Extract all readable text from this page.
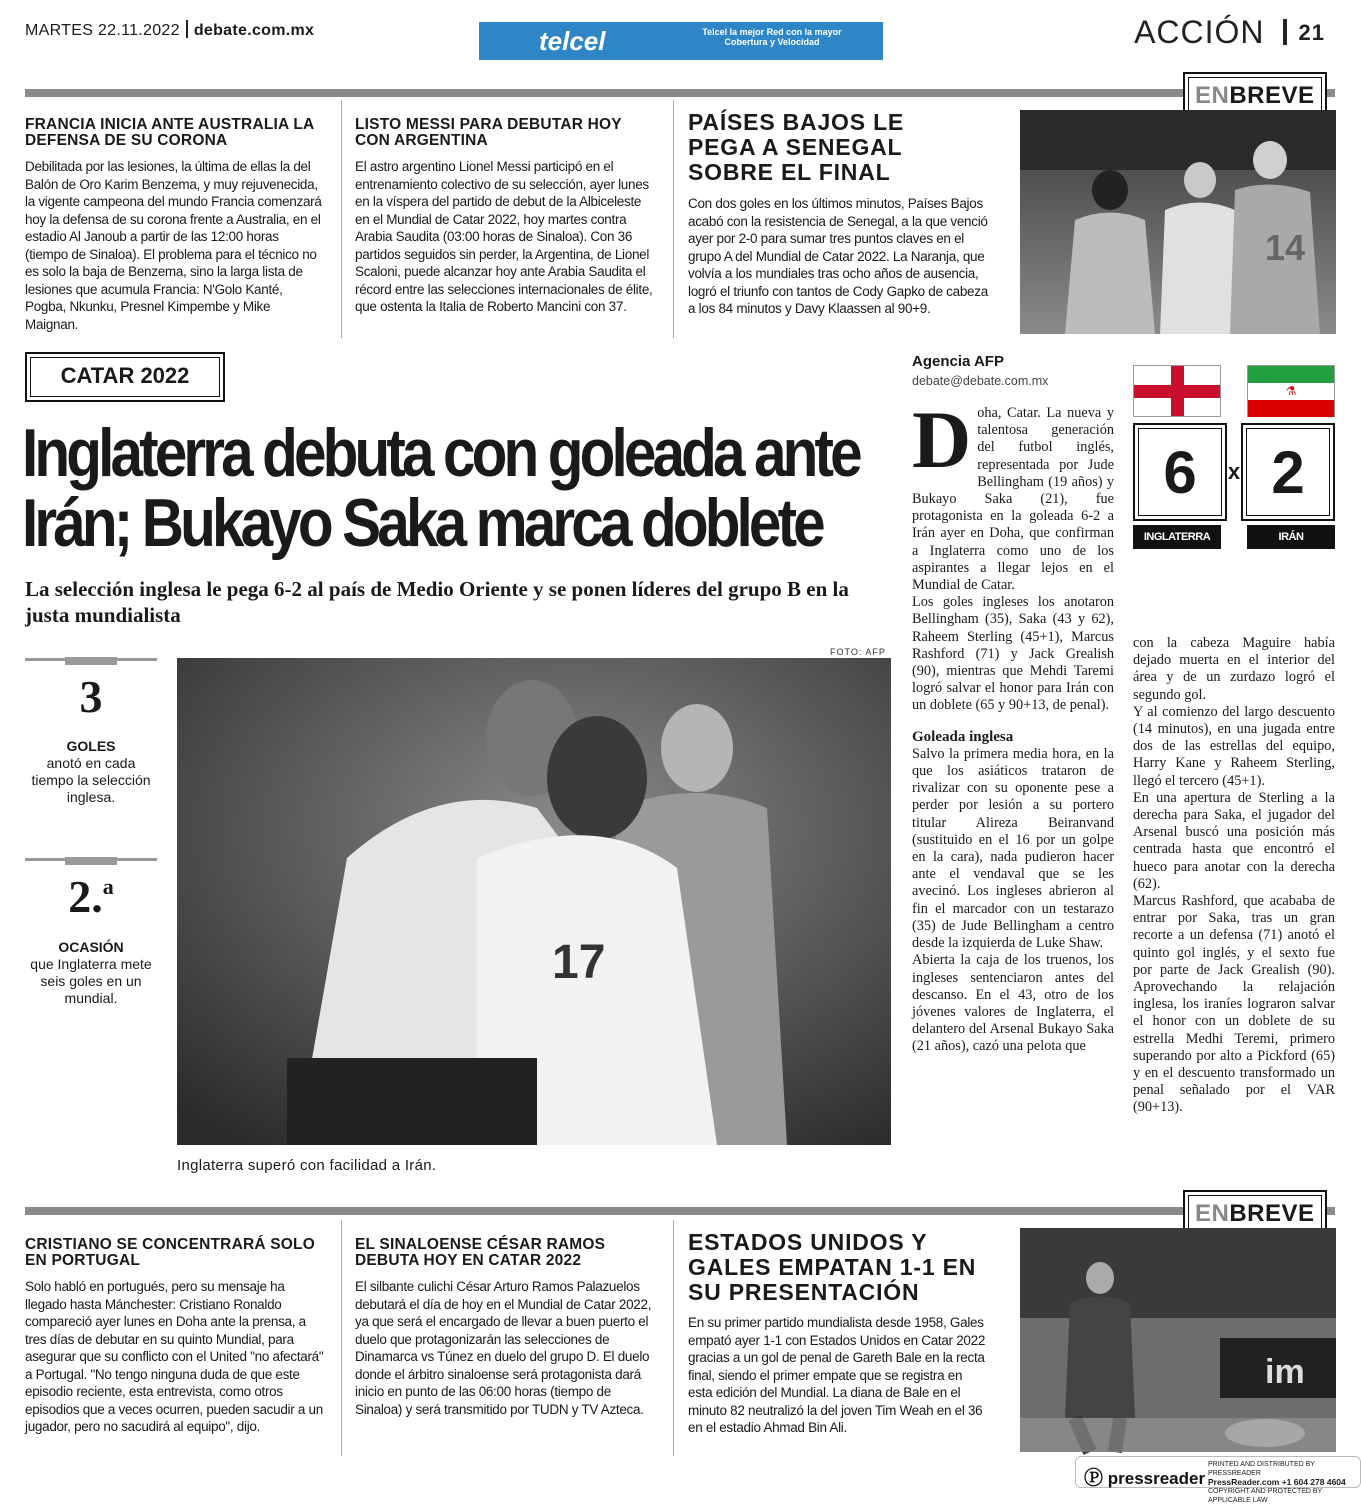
MARTES 22.11.2022 debate.com.mx	telcel	Telcel la mejor Red con la mayor Cobertura y Velocidad	ACCIÓN 21
ENBREVE
FRANCIA INICIA ANTE AUSTRALIA LA DEFENSA DE SU CORONA
Debilitada por las lesiones, la última de ellas la del Balón de Oro Karim Benzema, y muy rejuvenecida, la vigente campeona del mundo Francia comenzará hoy la defensa de su corona frente a Australia, en el estadio Al Janoub a partir de las 12:00 horas (tiempo de Sinaloa). El problema para el técnico no es solo la baja de Benzema, sino la larga lista de lesiones que acumula Francia: N'Golo Kanté, Pogba, Nkunku, Presnel Kimpembe y Mike Maignan.
LISTO MESSI PARA DEBUTAR HOY CON ARGENTINA
El astro argentino Lionel Messi participó en el entrenamiento colectivo de su selección, ayer lunes en la víspera del partido de debut de la Albiceleste en el Mundial de Catar 2022, hoy martes contra Arabia Saudita (03:00 horas de Sinaloa). Con 36 partidos seguidos sin perder, la Argentina, de Lionel Scaloni, puede alcanzar hoy ante Arabia Saudita el récord entre las selecciones internacionales de élite, que ostenta la Italia de Roberto Mancini con 37.
PAÍSES BAJOS LE PEGA A SENEGAL SOBRE EL FINAL
Con dos goles en los últimos minutos, Países Bajos acabó con la resistencia de Senegal, a la que venció ayer por 2-0 para sumar tres puntos claves en el grupo A del Mundial de Catar 2022. La Naranja, que volvía a los mundiales tras ocho años de ausencia, logró el triunfo con tantos de Cody Gapko de cabeza a los 84 minutos y Davy Klaassen al 90+9.
14
CATAR 2022
Inglaterra debuta con goleada ante
Irán; Bukayo Saka marca doblete
La selección inglesa le pega 6-2 al país de Medio Oriente y se ponen líderes del grupo B en la justa mundialista
3
GOLES
anotó en cada tiempo la selección inglesa.
2.$^a$
OCASIÓN
que Inglaterra mete seis goles en un mundial.
FOTO: AFP
17
Inglaterra superó con facilidad a Irán.
Agencia AFP
debate@debate.com.mx
⚗
6	x 2
INGLATERRA	IRÁN
D oha, Catar. La nueva y talentosa generación del futbol inglés, representada por Jude Bellingham (19 años) y Bukayo Saka (21), fue protagonista en la goleada 6-2 a Irán ayer en Doha, que confirman a Inglaterra como uno de los aspirantes a llegar lejos en el Mundial de Catar.

Los goles ingleses los anotaron Bellingham (35), Saka (43 y 62), Raheem Sterling (45+1), Marcus Rashford (71) y Jack Grealish (90), mientras que Mehdi Taremi logró salvar el honor para Irán con un doblete (65 y 90+13, de penal).

Goleada inglesa

Salvo la primera media hora, en la que los asiáticos trataron de rivalizar con su oponente pese a perder por lesión a su portero titular Alireza Beiranvand (sustituido en el 16 por un golpe en la cara), nada pudieron hacer ante el vendaval que se les avecinó. Los ingleses abrieron al fin el marcador con un testarazo (35) de Jude Bellingham a centro desde la izquierda de Luke Shaw.

Abierta la caja de los truenos, los ingleses sentenciaron antes del descanso. En el 43, otro de los jóvenes valores de Inglaterra, el delantero del Arsenal Bukayo Saka (21 años), cazó una pelota que

con la cabeza Maguire había dejado muerta en el interior del área y de un zurdazo logró el segundo gol.

Y al comienzo del largo descuento (14 minutos), en una jugada entre dos de las estrellas del equipo, Harry Kane y Raheem Sterling, llegó el tercero (45+1).

En una apertura de Sterling a la derecha para Saka, el jugador del Arsenal buscó una posición más centrada hasta que encontró el hueco para anotar con la derecha (62).

Marcus Rashford, que acababa de entrar por Saka, tras un gran recorte a un defensa (71) anotó el quinto gol inglés, y el sexto fue por parte de Jack Grealish (90). Aprovechando la relajación inglesa, los iraníes lograron salvar el honor con un doblete de su estrella Medhi Teremi, primero superando por alto a Pickford (65) y en el descuento transformado un penal señalado por el VAR (90+13).

ENBREVE
CRISTIANO SE CONCENTRARÁ SOLO EN PORTUGAL
Solo habló en portugués, pero su mensaje ha llegado hasta Mánchester: Cristiano Ronaldo compareció ayer lunes en Doha ante la prensa, a tres días de debutar en su quinto Mundial, para asegurar que su conflicto con el United "no afectará" a Portugal. "No tengo ninguna duda de que este episodio reciente, esta entrevista, como otros episodios que a veces ocurren, pueden sacudir a un jugador, pero no sacudirá al equipo", dijo.
EL SINALOENSE CÉSAR RAMOS DEBUTA HOY EN CATAR 2022
El silbante culichi César Arturo Ramos Palazuelos debutará el día de hoy en el Mundial de Catar 2022, ya que será el encargado de llevar a buen puerto el duelo que protagonizarán las selecciones de Dinamarca vs Túnez en duelo del grupo D. El duelo donde el árbitro sinaloense será protagonista dará inicio en punto de las 06:00 horas (tiempo de Sinaloa) y será transmitido por TUDN y TV Azteca.
ESTADOS UNIDOS Y GALES EMPATAN 1-1 EN SU PRESENTACIÓN
En su primer partido mundialista desde 1958, Gales empató ayer 1-1 con Estados Unidos en Catar 2022 gracias a un gol de penal de Gareth Bale en la recta final, siendo el primer empate que se registra en esta edición del Mundial. La diana de Bale en el minuto 82 neutralizó la del joven Tim Weah en el 36 en el estadio Ahmad Bin Ali.
im
Ⓟ pressreader
PRINTED AND DISTRIBUTED BY PRESSREADER
PressReader.com +1 604 278 4604
COPYRIGHT AND PROTECTED BY APPLICABLE LAW
